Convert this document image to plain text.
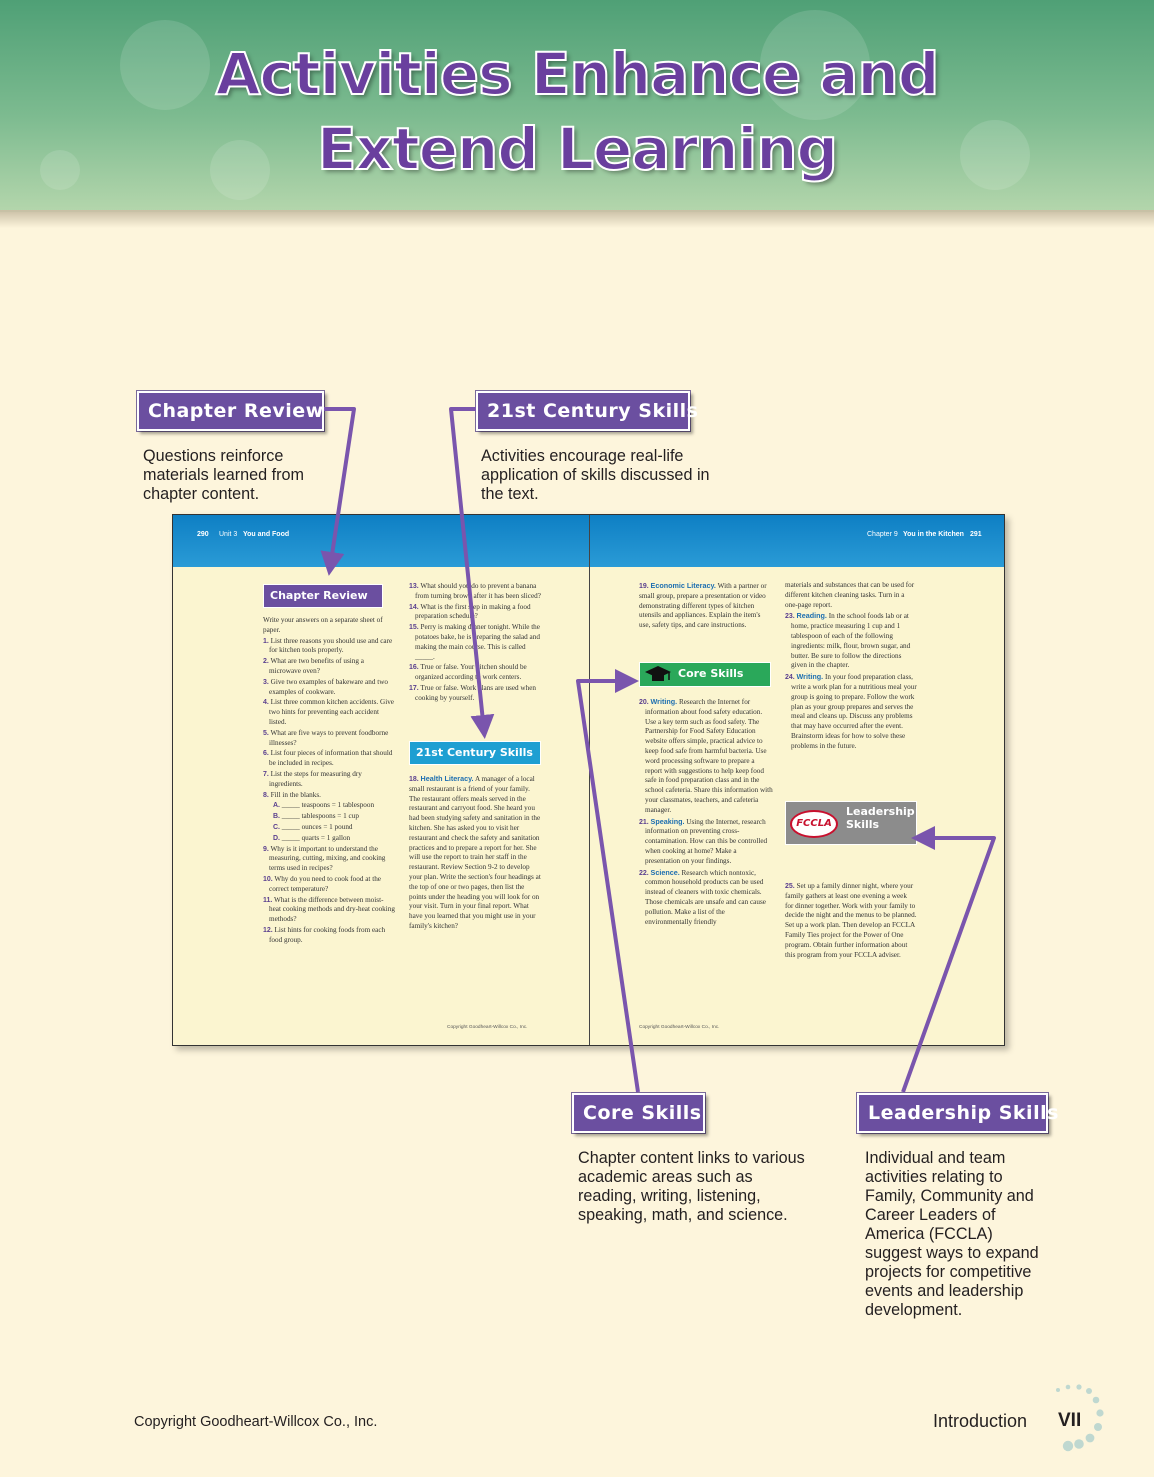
Activities Enhance and
Extend Learning
Chapter Review
Questions reinforce materials learned from chapter content.
21st Century Skills
Activities encourage real-life application of skills discussed in the text.
Core Skills
Chapter content links to various academic areas such as reading, writing, listening, speaking, math, and science.
Leadership Skills
Individual and team activities relating to Family, Community and Career Leaders of America (FCCLA) suggest ways to expand projects for competitive events and leadership development.
290 Unit 3 You and Food	Chapter 9 You in the Kitchen 291
Chapter Review

Write your answers on a separate sheet of paper.

1. List three reasons you should use and care for kitchen tools properly.

2. What are two benefits of using a microwave oven?

3. Give two examples of bakeware and two examples of cookware.

4. List three common kitchen accidents. Give two hints for preventing each accident listed.

5. What are five ways to prevent foodborne illnesses?

6. List four pieces of information that should be included in recipes.

7. List the steps for measuring dry ingredients.

8. Fill in the blanks.

A. _____ teaspoons = 1 tablespoon

B. _____ tablespoons = 1 cup

C. _____ ounces = 1 pound

D. _____ quarts = 1 gallon

9. Why is it important to understand the measuring, cutting, mixing, and cooking terms used in recipes?

10. Why do you need to cook food at the correct temperature?

11. What is the difference between moist-heat cooking methods and dry-heat cooking methods?

12. List hints for cooking foods from each food group.

13. What should you do to prevent a banana from turning brown after it has been sliced?

14. What is the first step in making a food preparation schedule?

15. Perry is making dinner tonight. While the potatoes bake, he is preparing the salad and making the main course. This is called _____.

16. True or false. Your kitchen should be organized according to work centers.

17. True or false. Work plans are used when cooking by yourself.

21st Century Skills

18. Health Literacy. A manager of a local small restaurant is a friend of your family. The restaurant offers meals served in the restaurant and carryout food. She heard you had been studying safety and sanitation in the kitchen. She has asked you to visit her restaurant and check the safety and sanitation practices and to prepare a report for her. She will use the report to train her staff in the restaurant. Review Section 9-2 to develop your plan. Write the section's four headings at the top of one or two pages, then list the points under the heading you will look for on your visit. Turn in your final report. What have you learned that you might use in your family's kitchen?

Copyright Goodheart-Willcox Co., Inc.

19. Economic Literacy. With a partner or small group, prepare a presentation or video demonstrating different types of kitchen utensils and appliances. Explain the item's use, safety tips, and care instructions.

Core Skills

20. Writing. Research the Internet for information about food safety education. Use a key term such as food safety. The Partnership for Food Safety Education website offers simple, practical advice to keep food safe from harmful bacteria. Use word processing software to prepare a report with suggestions to help keep food safe in food preparation class and in the school cafeteria. Share this information with your classmates, teachers, and cafeteria manager.

21. Speaking. Using the Internet, research information on preventing cross-contamination. How can this be controlled when cooking at home? Make a presentation on your findings.

22. Science. Research which nontoxic, common household products can be used instead of cleaners with toxic chemicals. Those chemicals are unsafe and can cause pollution. Make a list of the environmentally friendly

Copyright Goodheart-Willcox Co., Inc.

materials and substances that can be used for different kitchen cleaning tasks. Turn in a one-page report.

23. Reading. In the school foods lab or at home, practice measuring 1 cup and 1 tablespoon of each of the following ingredients: milk, flour, brown sugar, and butter. Be sure to follow the directions given in the chapter.

24. Writing. In your food preparation class, write a work plan for a nutritious meal your group is going to prepare. Follow the work plan as your group prepares and serves the meal and cleans up. Discuss any problems that may have occurred after the event. Brainstorm ideas for how to solve these problems in the future.

FCCLA
Leadership
Skills

25. Set up a family dinner night, where your family gathers at least one evening a week for dinner together. Work with your family to decide the night and the menus to be planned. Set up a work plan. Then develop an FCCLA Family Ties project for the Power of One program. Obtain further information about this program from your FCCLA adviser.

Copyright Goodheart-Willcox Co., Inc.	Introduction VII
